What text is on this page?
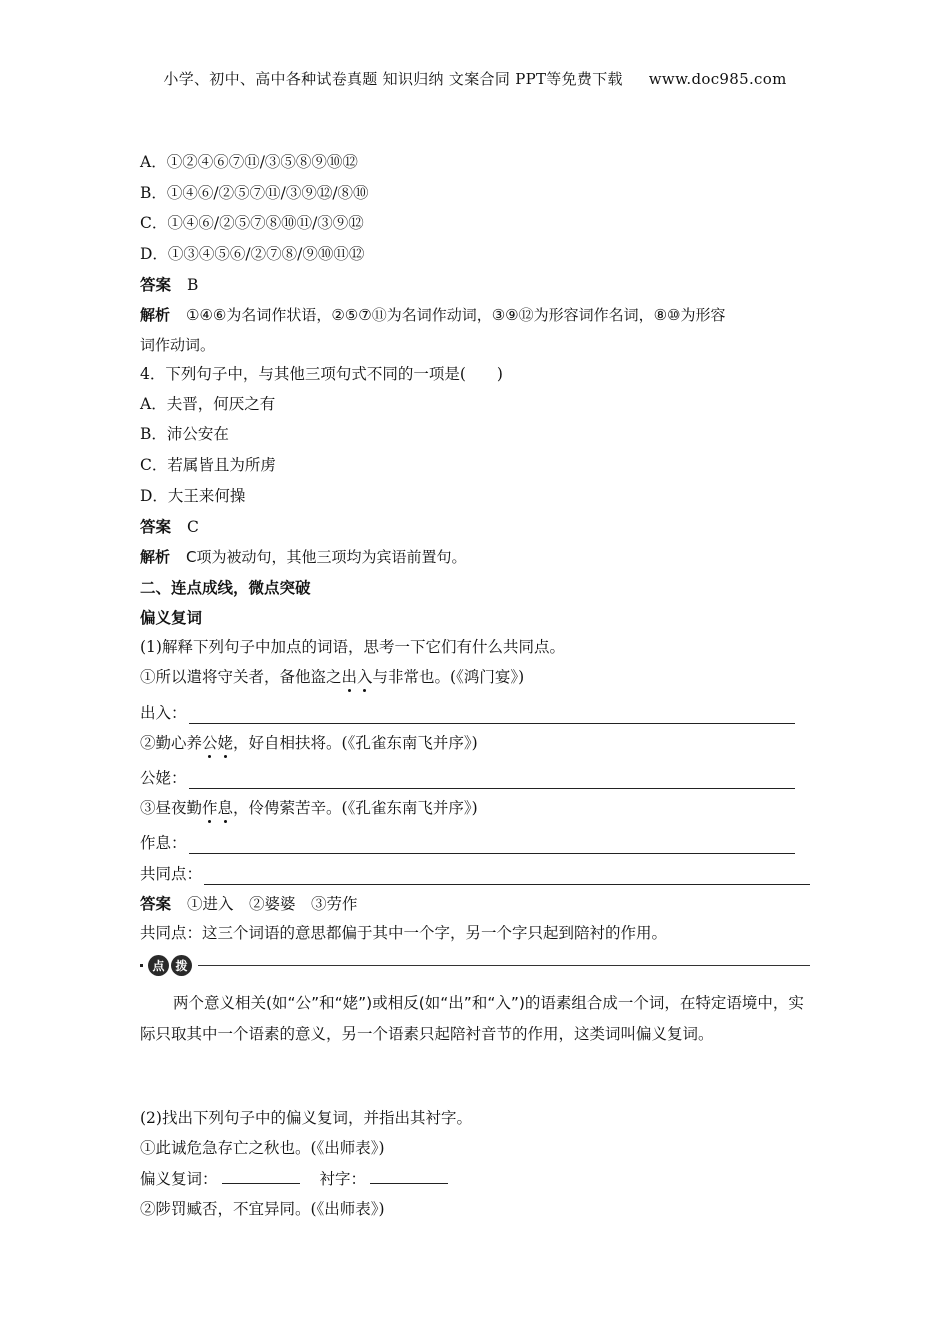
小学、初中、高中各种试卷真题 知识归纳 文案合同 PPT等免费下载 www.doc985.com
A．①②④⑥⑦⑪/③⑤⑧⑨⑩⑫
B．①④⑥/②⑤⑦⑪/③⑨⑫/⑧⑩
C．①④⑥/②⑤⑦⑧⑩⑪/③⑨⑫
D．①③④⑤⑥/②⑦⑧/⑨⑩⑪⑫
答案 B
解析 ①④⑥为名词作状语，②⑤⑦⑪为名词作动词，③⑨⑫为形容词作名词，⑧⑩为形容
词作动词。
4．下列句子中，与其他三项句式不同的一项是(　　)
A．夫晋，何厌之有
B．沛公安在
C．若属皆且为所虏
D．大王来何操
答案 C
解析 C项为被动句，其他三项均为宾语前置句。
二、连点成线，微点突破
偏义复词
(1)解释下列句子中加点的词语，思考一下它们有什么共同点。
①所以遣将守关者，备他盗之出入与非常也。(《鸿门宴》)
出入：
②勤心养公姥，好自相扶将。(《孔雀东南飞并序》)
公姥：
③昼夜勤作息，伶俜萦苦辛。(《孔雀东南飞并序》)
作息：
共同点：
答案 ①进入　②婆婆　③劳作
共同点：这三个词语的意思都偏于其中一个字，另一个字只起到陪衬的作用。
点 拨
两个意义相关(如“公”和“姥”)或相反(如“出”和“入”)的语素组合成一个词，在特定语境中，实际只取其中一个语素的意义，另一个语素只起陪衬音节的作用，这类词叫偏义复词。
(2)找出下列句子中的偏义复词，并指出其衬字。
①此诚危急存亡之秋也。(《出师表》)
偏义复词：	衬字：
②陟罚臧否，不宜异同。(《出师表》)
